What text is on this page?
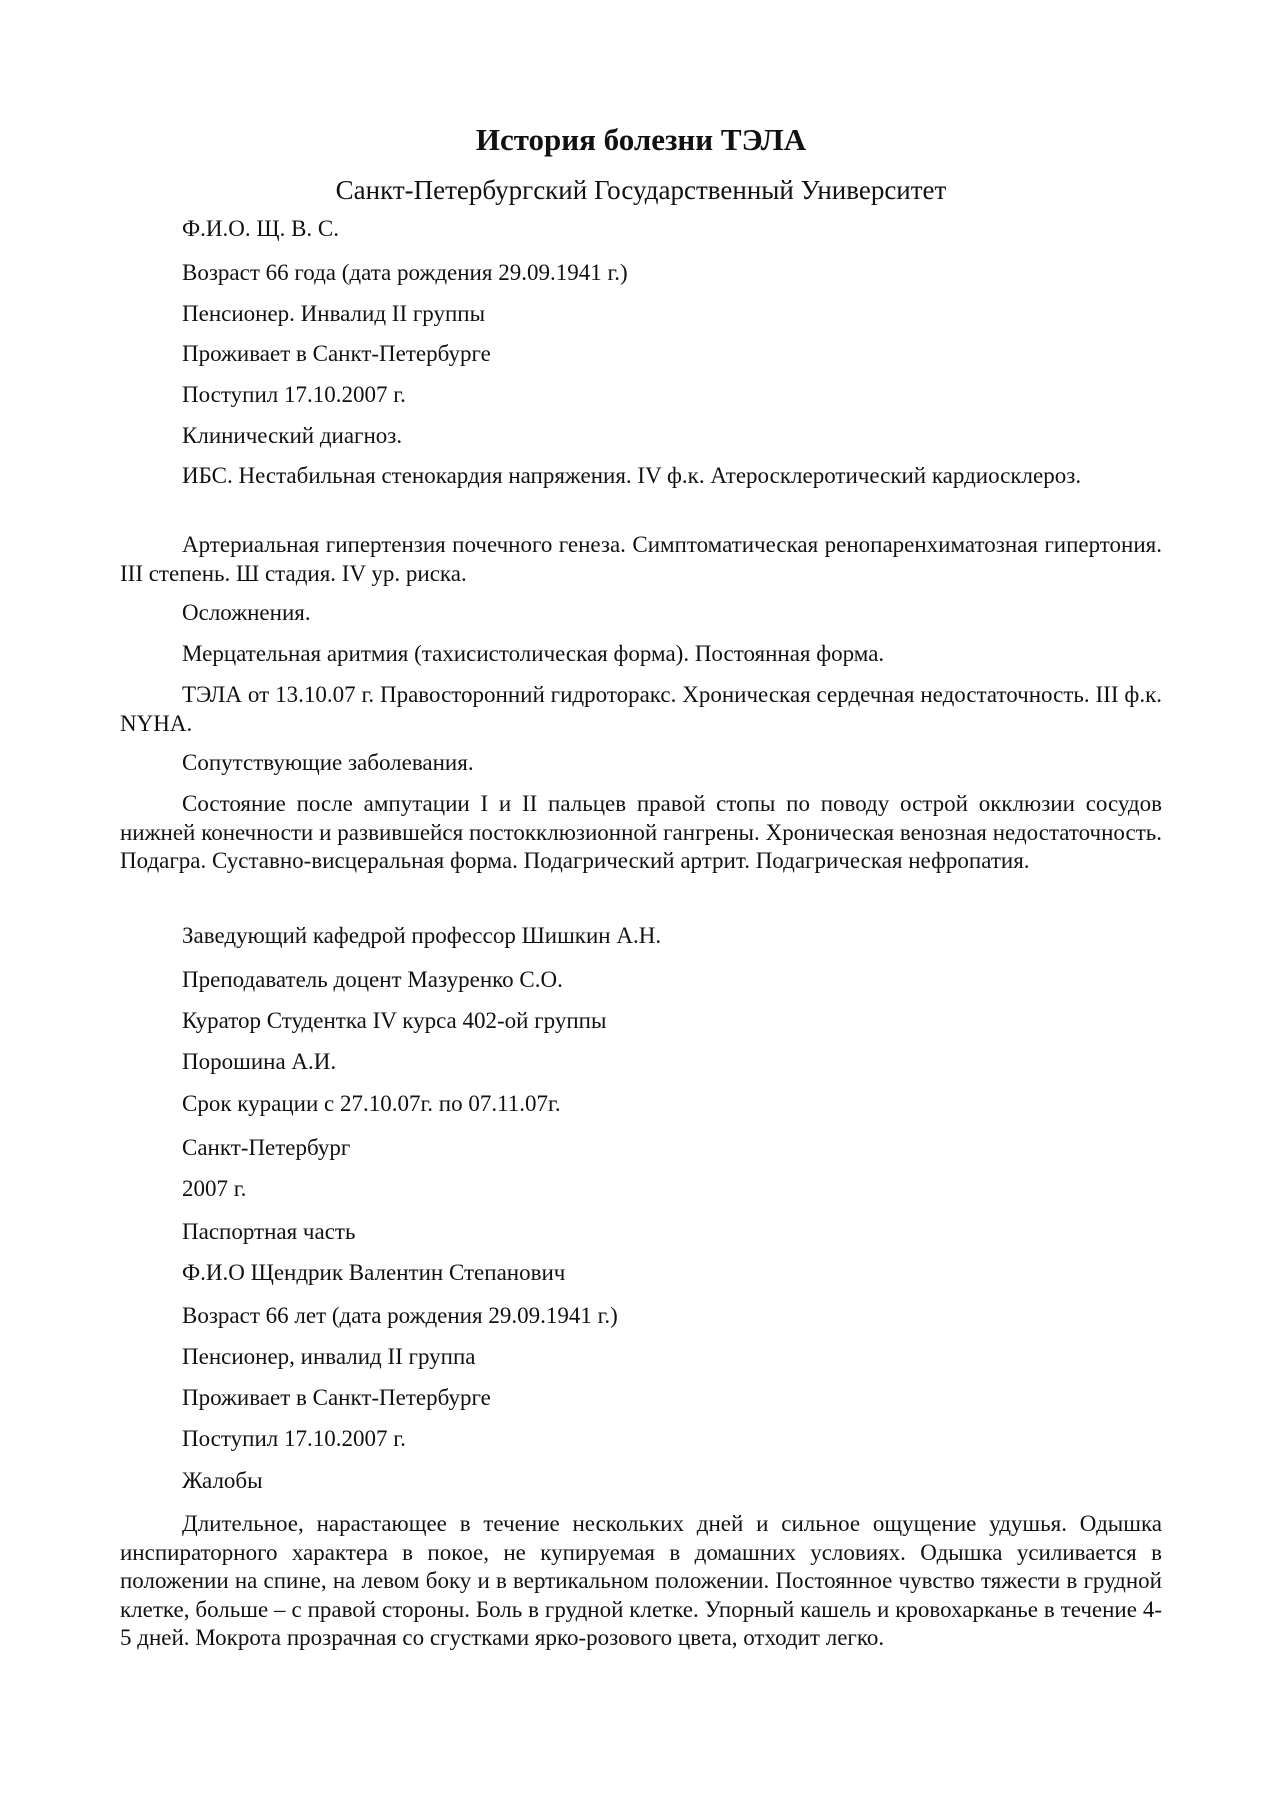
История болезни ТЭЛА
Санкт-Петербургский Государственный Университет

Ф.И.О. Щ. В. С.

Возраст 66 года (дата рождения 29.09.1941 г.)

Пенсионер. Инвалид II группы

Проживает в Санкт-Петербурге

Поступил 17.10.2007 г.

Клинический диагноз.

ИБС. Нестабильная стенокардия напряжения. IV ф.к. Атеросклеротический кардиосклероз.

Артериальная гипертензия почечного генеза. Симптоматическая ренопаренхиматозная гипертония. III степень. Ш стадия. IV ур. риска.

Осложнения.

Мерцательная аритмия (тахисистолическая форма). Постоянная форма.

ТЭЛА от 13.10.07 г. Правосторонний гидроторакс. Хроническая сердечная недостаточность. III ф.к. NYHA.

Сопутствующие заболевания.

Состояние после ампутации I и II пальцев правой стопы по поводу острой окклюзии сосудов нижней конечности и развившейся постокклюзионной гангрены. Хроническая венозная недостаточность. Подагра. Суставно-висцеральная форма. Подагрический артрит. Подагрическая нефропатия.

Заведующий кафедрой профессор Шишкин А.Н.

Преподаватель доцент Мазуренко С.О.

Куратор Студентка IV курса 402-ой группы

Порошина А.И.

Срок курации с 27.10.07г. по 07.11.07г.

Санкт-Петербург

2007 г.

Паспортная часть

Ф.И.О Щендрик Валентин Степанович

Возраст 66 лет (дата рождения 29.09.1941 г.)

Пенсионер, инвалид II группа

Проживает в Санкт-Петербурге

Поступил 17.10.2007 г.

Жалобы

Длительное, нарастающее в течение нескольких дней и сильное ощущение удушья. Одышка инспираторного характера в покое, не купируемая в домашних условиях. Одышка усиливается в положении на спине, на левом боку и в вертикальном положении. Постоянное чувство тяжести в грудной клетке, больше – с правой стороны. Боль в грудной клетке. Упорный кашель и кровохарканье в течение 4-5 дней. Мокрота прозрачная со сгустками ярко-розового цвета, отходит легко.
